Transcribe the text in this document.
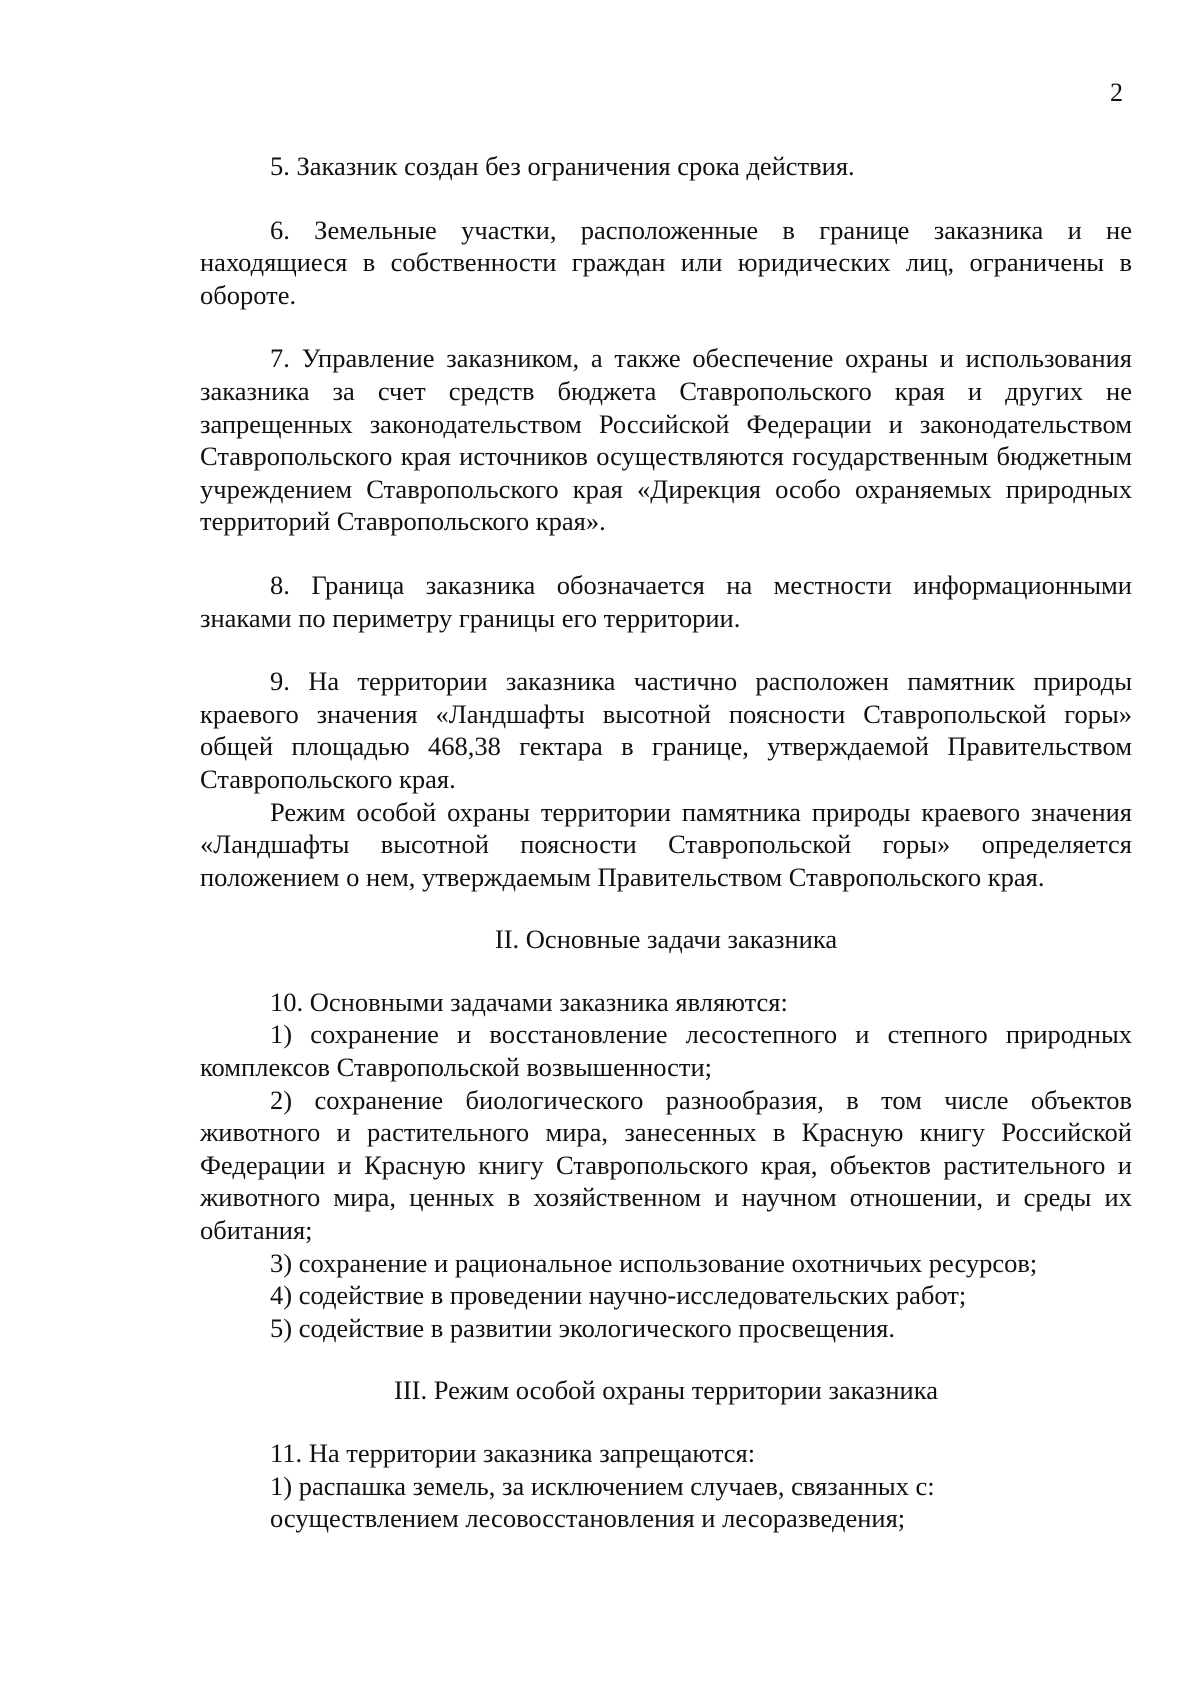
2

5. Заказник создан без ограничения срока действия.

6. Земельные участки, расположенные в границе заказника и не находящиеся в собственности граждан или юридических лиц, ограничены в обороте.

7. Управление заказником, а также обеспечение охраны и использования заказника за счет средств бюджета Ставропольского края и других не запрещенных законодательством Российской Федерации и законодательством Ставропольского края источников осуществляются государственным бюджетным учреждением Ставропольского края «Дирекция особо охраняемых природных территорий Ставропольского края».

8. Граница заказника обозначается на местности информационными знаками по периметру границы его территории.

9. На территории заказника частично расположен памятник природы краевого значения «Ландшафты высотной поясности Ставропольской горы» общей площадью 468,38 гектара в границе, утверждаемой Правительством Ставропольского края.

Режим особой охраны территории памятника природы краевого значения «Ландшафты высотной поясности Ставропольской горы» определяется положением о нем, утверждаемым Правительством Ставропольского края.

II. Основные задачи заказника

10. Основными задачами заказника являются:

1) сохранение и восстановление лесостепного и степного природных комплексов Ставропольской возвышенности;

2) сохранение биологического разнообразия, в том числе объектов животного и растительного мира, занесенных в Красную книгу Российской Федерации и Красную книгу Ставропольского края, объектов растительного и животного мира, ценных в хозяйственном и научном отношении, и среды их обитания;

3) сохранение и рациональное использование охотничьих ресурсов;

4) содействие в проведении научно-исследовательских работ;

5) содействие в развитии экологического просвещения.

III. Режим особой охраны территории заказника

11. На территории заказника запрещаются:

1) распашка земель, за исключением случаев, связанных с:

осуществлением лесовосстановления и лесоразведения;
